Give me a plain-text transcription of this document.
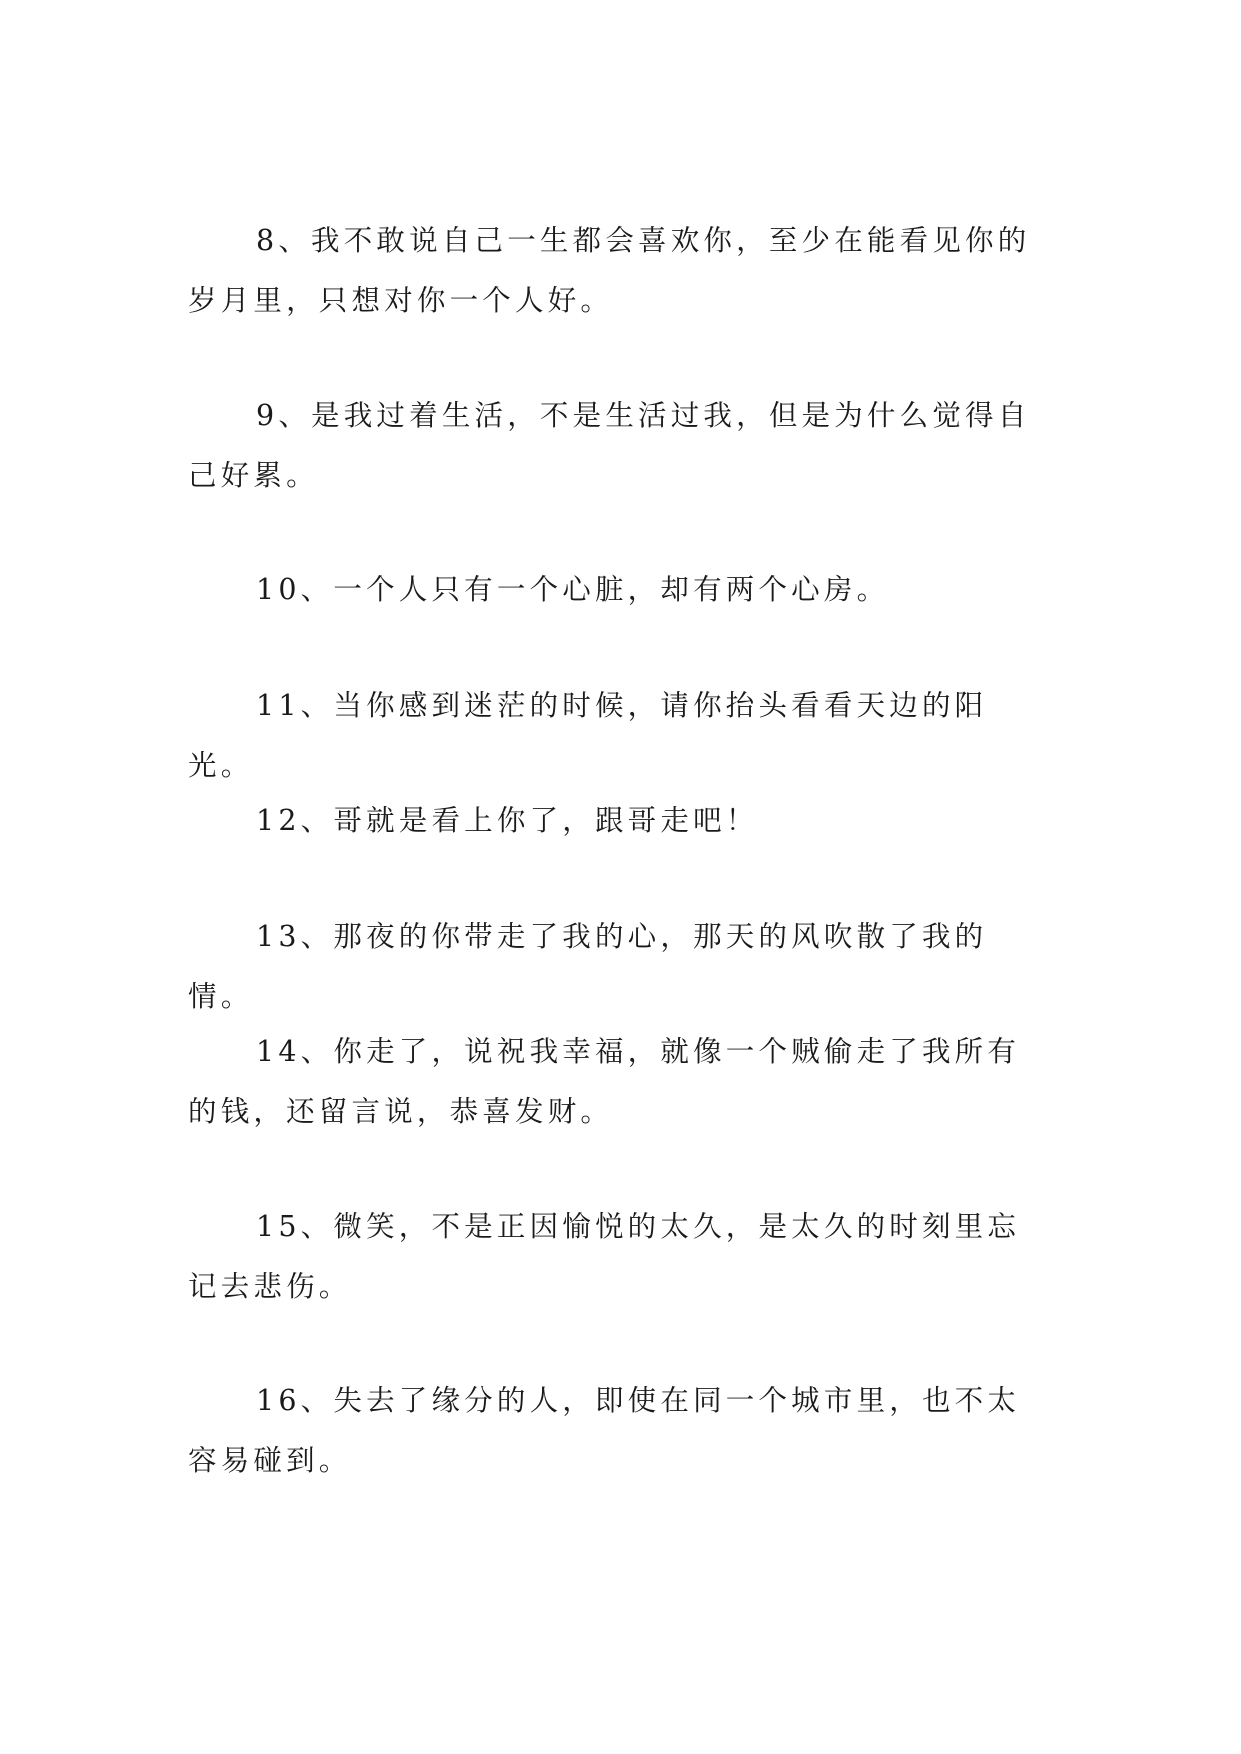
8、我不敢说自己一生都会喜欢你，至少在能看见你的岁月里，只想对你一个人好。

9、是我过着生活，不是生活过我，但是为什么觉得自己好累。

10、一个人只有一个心脏，却有两个心房。

11、当你感到迷茫的时候，请你抬头看看天边的阳光。

12、哥就是看上你了，跟哥走吧！

13、那夜的你带走了我的心，那天的风吹散了我的情。

14、你走了，说祝我幸福，就像一个贼偷走了我所有的钱，还留言说，恭喜发财。

15、微笑，不是正因愉悦的太久，是太久的时刻里忘记去悲伤。

16、失去了缘分的人，即使在同一个城市里，也不太容易碰到。
